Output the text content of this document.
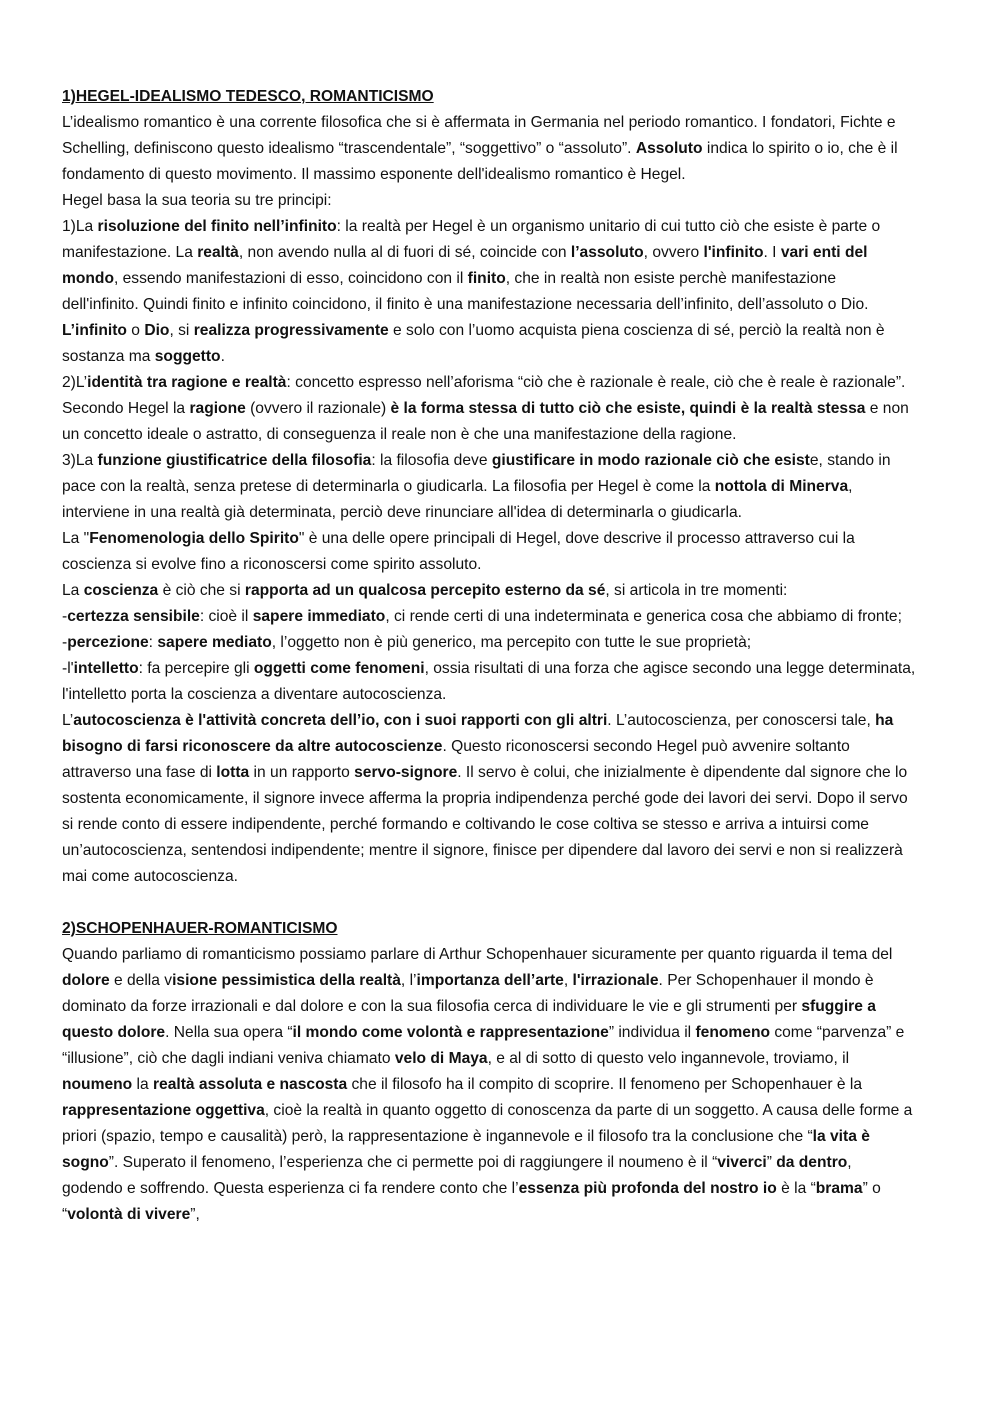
1)HEGEL-IDEALISMO TEDESCO, ROMANTICISMO

L’idealismo romantico è una corrente filosofica che si è affermata in Germania nel periodo romantico. I fondatori, Fichte e Schelling, definiscono questo idealismo “trascendentale”, “soggettivo” o “assoluto”. Assoluto indica lo spirito o io, che è il fondamento di questo movimento. Il massimo esponente dell'idealismo romantico è Hegel.

Hegel basa la sua teoria su tre principi:

1)La risoluzione del finito nell’infinito: la realtà per Hegel è un organismo unitario di cui tutto ciò che esiste è parte o manifestazione. La realtà, non avendo nulla al di fuori di sé, coincide con l’assoluto, ovvero l'infinito. I vari enti del mondo, essendo manifestazioni di esso, coincidono con il finito, che in realtà non esiste perchè manifestazione dell'infinito. Quindi finito e infinito coincidono, il finito è una manifestazione necessaria dell’infinito, dell’assoluto o Dio. L’infinito o Dio, si realizza progressivamente e solo con l’uomo acquista piena coscienza di sé, perciò la realtà non è sostanza ma soggetto.

2)L’identità tra ragione e realtà: concetto espresso nell’aforisma “ciò che è razionale è reale, ciò che è reale è razionale”. Secondo Hegel la ragione (ovvero il razionale) è la forma stessa di tutto ciò che esiste, quindi è la realtà stessa e non un concetto ideale o astratto, di conseguenza il reale non è che una manifestazione della ragione.

3)La funzione giustificatrice della filosofia: la filosofia deve giustificare in modo razionale ciò che esiste, stando in pace con la realtà, senza pretese di determinarla o giudicarla. La filosofia per Hegel è come la nottola di Minerva, interviene in una realtà già determinata, perciò deve rinunciare all'idea di determinarla o giudicarla.

La "Fenomenologia dello Spirito" è una delle opere principali di Hegel, dove descrive il processo attraverso cui la coscienza si evolve fino a riconoscersi come spirito assoluto.

La coscienza è ciò che si rapporta ad un qualcosa percepito esterno da sé, si articola in tre momenti:

-certezza sensibile: cioè il sapere immediato, ci rende certi di una indeterminata e generica cosa che abbiamo di fronte;

-percezione: sapere mediato, l’oggetto non è più generico, ma percepito con tutte le sue proprietà;

-l'intelletto: fa percepire gli oggetti come fenomeni, ossia risultati di una forza che agisce secondo una legge determinata, l'intelletto porta la coscienza a diventare autocoscienza.

L’autocoscienza è l'attività concreta dell’io, con i suoi rapporti con gli altri. L’autocoscienza, per conoscersi tale, ha bisogno di farsi riconoscere da altre autocoscienze. Questo riconoscersi secondo Hegel può avvenire soltanto attraverso una fase di lotta in un rapporto servo-signore. Il servo è colui, che inizialmente è dipendente dal signore che lo sostenta economicamente, il signore invece afferma la propria indipendenza perché gode dei lavori dei servi. Dopo il servo si rende conto di essere indipendente, perché formando e coltivando le cose coltiva se stesso e arriva a intuirsi come un’autocoscienza, sentendosi indipendente; mentre il signore, finisce per dipendere dal lavoro dei servi e non si realizzerà mai come autocoscienza.

2)SCHOPENHAUER-ROMANTICISMO

Quando parliamo di romanticismo possiamo parlare di Arthur Schopenhauer sicuramente per quanto riguarda il tema del dolore e della visione pessimistica della realtà, l’importanza dell’arte, l'irrazionale. Per Schopenhauer il mondo è dominato da forze irrazionali e dal dolore e con la sua filosofia cerca di individuare le vie e gli strumenti per sfuggire a questo dolore. Nella sua opera “il mondo come volontà e rappresentazione” individua il fenomeno come “parvenza” e “illusione”, ciò che dagli indiani veniva chiamato velo di Maya, e al di sotto di questo velo ingannevole, troviamo, il noumeno la realtà assoluta e nascosta che il filosofo ha il compito di scoprire. Il fenomeno per Schopenhauer è la rappresentazione oggettiva, cioè la realtà in quanto oggetto di conoscenza da parte di un soggetto. A causa delle forme a priori (spazio, tempo e causalità) però, la rappresentazione è ingannevole e il filosofo tra la conclusione che “la vita è sogno”. Superato il fenomeno, l’esperienza che ci permette poi di raggiungere il noumeno è il “viverci” da dentro, godendo e soffrendo. Questa esperienza ci fa rendere conto che l’essenza più profonda del nostro io è la “brama” o “volontà di vivere”,
